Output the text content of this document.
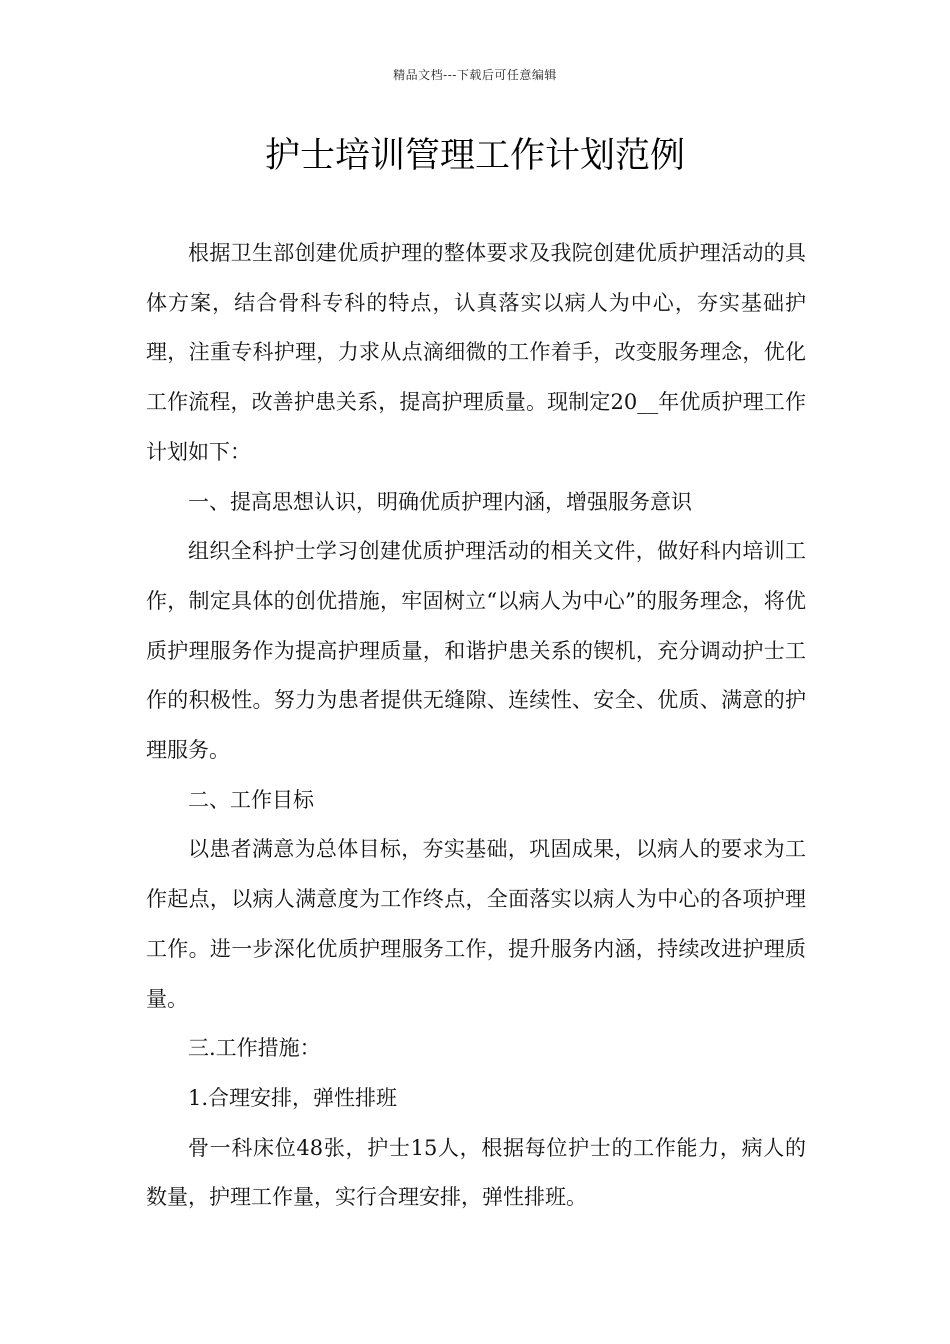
精品文档---下载后可任意编辑
护士培训管理工作计划范例

根据卫生部创建优质护理的整体要求及我院创建优质护理活动的具体方案，结合骨科专科的特点，认真落实以病人为中心，夯实基础护理，注重专科护理，力求从点滴细微的工作着手，改变服务理念，优化工作流程，改善护患关系，提高护理质量。现制定20__年优质护理工作计划如下：

一、提高思想认识，明确优质护理内涵，增强服务意识

组织全科护士学习创建优质护理活动的相关文件，做好科内培训工作，制定具体的创优措施，牢固树立“以病人为中心”的服务理念，将优质护理服务作为提高护理质量，和谐护患关系的锲机，充分调动护士工作的积极性。努力为患者提供无缝隙、连续性、安全、优质、满意的护理服务。

二、工作目标

以患者满意为总体目标，夯实基础，巩固成果，以病人的要求为工作起点，以病人满意度为工作终点，全面落实以病人为中心的各项护理工作。进一步深化优质护理服务工作，提升服务内涵，持续改进护理质量。

三.工作措施：

1.合理安排，弹性排班

骨一科床位48张，护士15人，根据每位护士的工作能力，病人的数量，护理工作量，实行合理安排，弹性排班。
